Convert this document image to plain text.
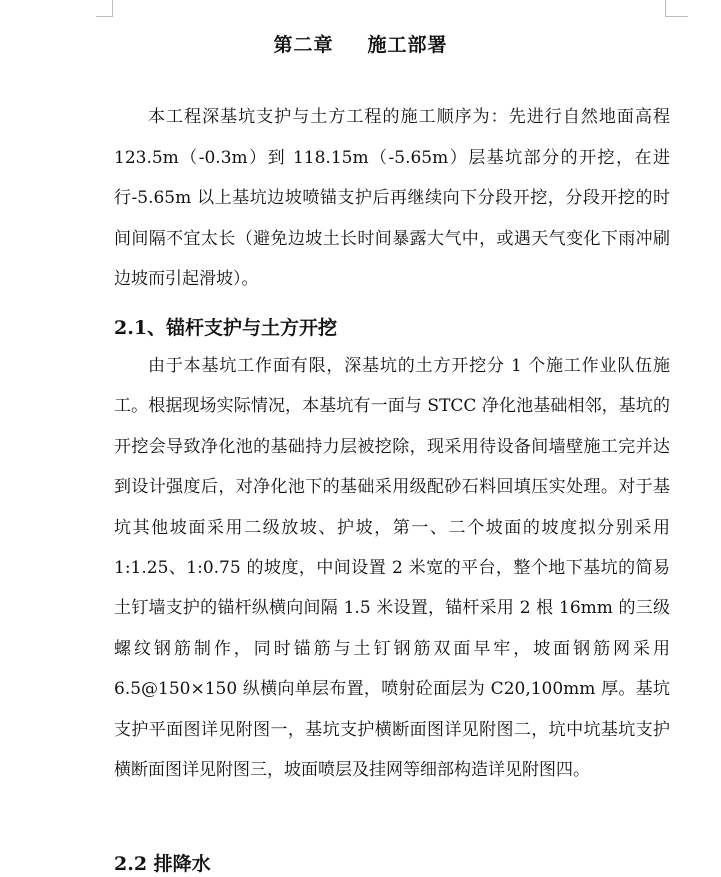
第二章 施工部署

本工程深基坑支护与土方工程的施工顺序为：先进行自然地面高程 123.5m（-0.3m）到 118.15m（-5.65m）层基坑部分的开挖，在进行-5.65m 以上基坑边坡喷锚支护后再继续向下分段开挖，分段开挖的时间间隔不宜太长（避免边坡土长时间暴露大气中，或遇天气变化下雨冲刷边坡而引起滑坡）。

2.1、锚杆支护与土方开挖

由于本基坑工作面有限，深基坑的土方开挖分 1 个施工作业队伍施工。根据现场实际情况，本基坑有一面与 STCC 净化池基础相邻，基坑的开挖会导致净化池的基础持力层被挖除，现采用待设备间墙壁施工完并达到设计强度后，对净化池下的基础采用级配砂石料回填压实处理。对于基坑其他坡面采用二级放坡、护坡，第一、二个坡面的坡度拟分别采用 1:1.25、1:0.75 的坡度，中间设置 2 米宽的平台，整个地下基坑的简易土钉墙支护的锚杆纵横向间隔 1.5 米设置，锚杆采用 2 根 16mm 的三级螺纹钢筋制作，同时锚筋与土钉钢筋双面早牢，坡面钢筋网采用　6.5@150×150 纵横向单层布置，喷射砼面层为 C20,100mm 厚。基坑支护平面图详见附图一，基坑支护横断面图详见附图二，坑中坑基坑支护横断面图详见附图三，坡面喷层及挂网等细部构造详见附图四。

2.2 排降水
